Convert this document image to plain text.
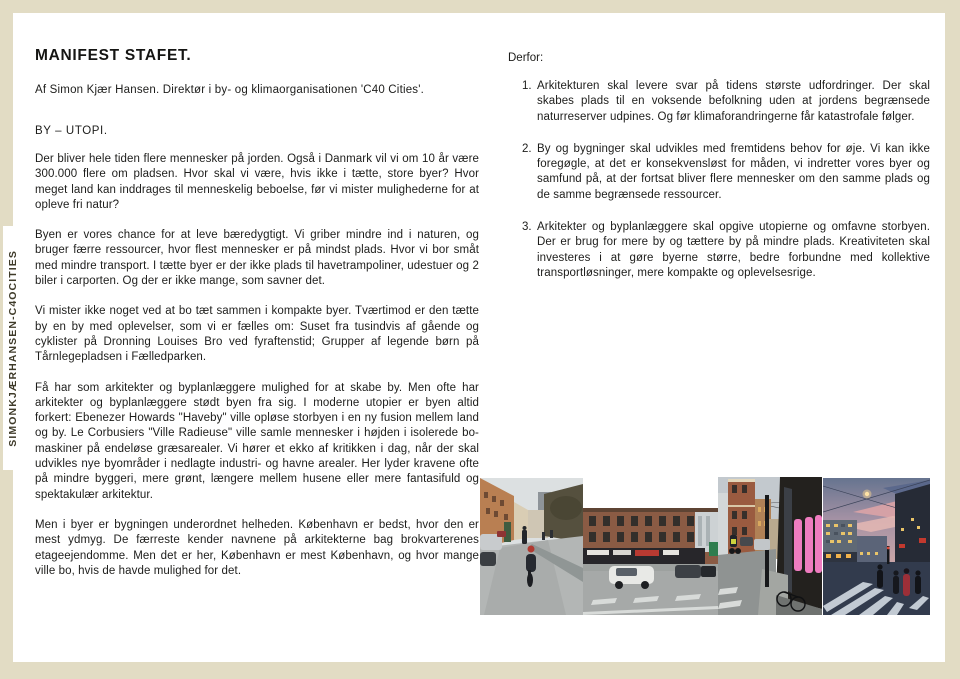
SIMONKJÆRHANSEN-C4OCITIES
MANIFEST STAFET.

Af Simon Kjær Hansen. Direktør i by- og klimaorganisationen 'C40 Cities'.

BY – UTOPI.

Der bliver hele tiden flere mennesker på jorden. Også i Danmark vil vi om 10 år være 300.000 flere om pladsen. Hvor skal vi være, hvis ikke i tætte, store byer? Hvor meget land kan inddrages til menneskelig beboelse, før vi mister mulighederne for at opleve fri natur?

Byen er vores chance for at leve bæredygtigt. Vi griber mindre ind i naturen, og bruger færre ressourcer, hvor flest mennesker er på mindst plads. Hvor vi bor småt med mindre transport. I tætte byer er der ikke plads til havetrampoliner, udestuer og 2 biler i carporten. Og der er ikke mange, som savner det.

Vi mister ikke noget ved at bo tæt sammen i kompakte byer. Tværtimod er den tætte by en by med oplevelser, som vi er fælles om: Suset fra tusindvis af gående og cyklister på Dronning Louises Bro ved fyraftenstid; Grupper af legende børn på Tårnlegepladsen i Fælledparken.

Få har som arkitekter og byplanlæggere mulighed for at skabe by. Men ofte har arkitekter og byplanlæggere stødt byen fra sig. I moderne utopier er byen altid forkert: Ebenezer Howards "Haveby" ville opløse storbyen i en ny fusion mellem land og by. Le Corbusiers "Ville Radieuse" ville samle mennesker i højden i isolerede bo-maskiner på endeløse græsarealer. Vi hører et ekko af kritikken i dag, når der skal udvikles nye byområder i nedlagte industri- og havne arealer. Her lyder kravene ofte på mindre byggeri, mere grønt, længere mellem husene eller mere fantasifuld og spektakulær arkitektur.

Men i byer er bygningen underordnet helheden. København er bedst, hvor den er mest ydmyg. De færreste kender navnene på arkitekterne bag brokvarterenes etageejendomme. Men det er her, København er mest København, og hvor mange ville bo, hvis de havde mulighed for det.

Derfor:

1. Arkitekturen skal levere svar på tidens største udfordringer. Der skal skabes plads til en voksende befolkning uden at jordens begrænsede naturreserver udpines. Og før klimaforandringerne får katastrofale følger.
2. By og bygninger skal udvikles med fremtidens behov for øje. Vi kan ikke foregøgle, at det er konsekvensløst for måden, vi indretter vores byer og samfund på, at der fortsat bliver flere mennesker om den samme plads og de samme begrænsede ressourcer.
3. Arkitekter og byplanlæggere skal opgive utopierne og omfavne storbyen. Der er brug for mere by og tættere by på mindre plads. Kreativiteten skal investeres i at gøre byerne større, bedre forbundne med kollektive transportløsninger, mere kompakte og oplevelsesrige.
